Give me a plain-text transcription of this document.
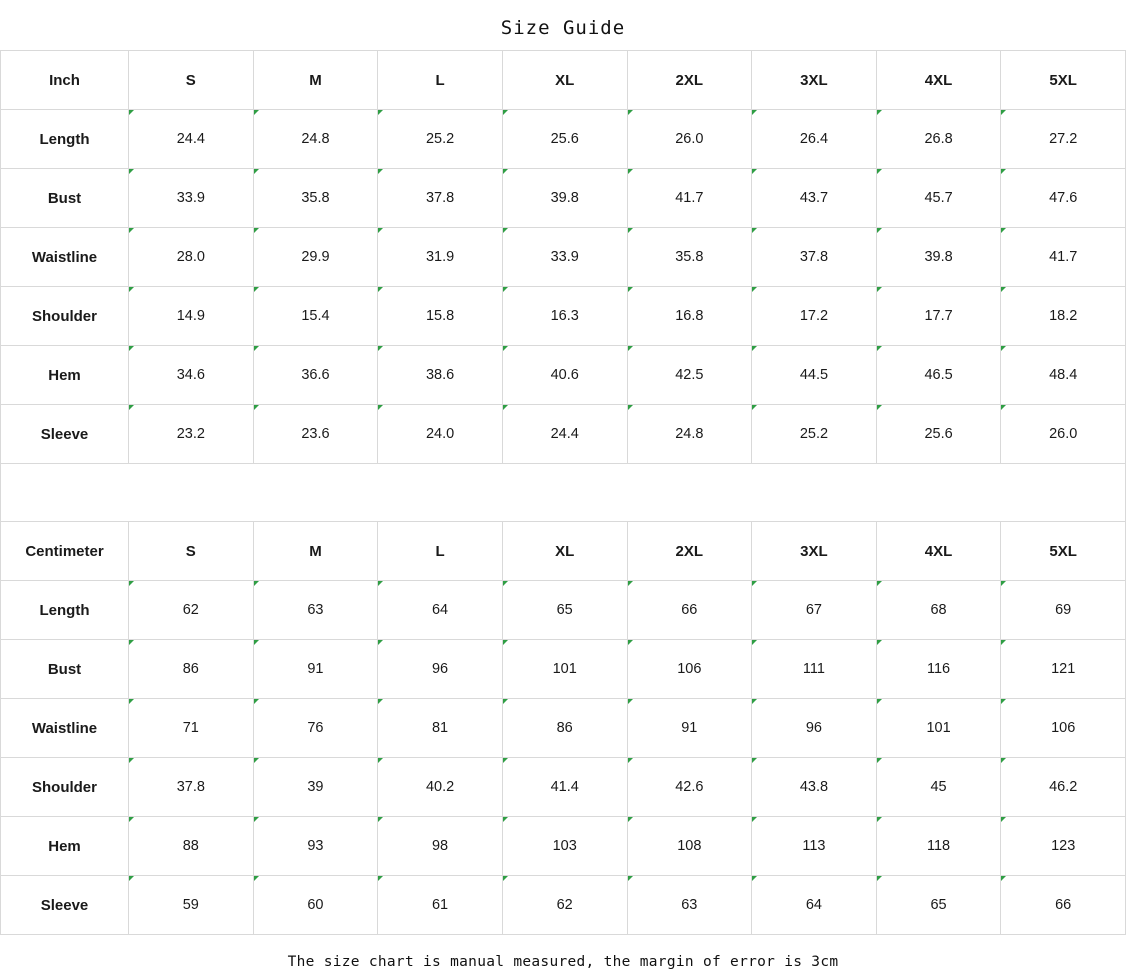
Size Guide
Inch	S	M	L	XL	2XL	3XL	4XL	5XL
Length	24.4	24.8	25.2	25.6	26.0	26.4	26.8	27.2
Bust	33.9	35.8	37.8	39.8	41.7	43.7	45.7	47.6
Waistline	28.0	29.9	31.9	33.9	35.8	37.8	39.8	41.7
Shoulder	14.9	15.4	15.8	16.3	16.8	17.2	17.7	18.2
Hem	34.6	36.6	38.6	40.6	42.5	44.5	46.5	48.4
Sleeve	23.2	23.6	24.0	24.4	24.8	25.2	25.6	26.0
Centimeter	S	M	L	XL	2XL	3XL	4XL	5XL
Length	62	63	64	65	66	67	68	69
Bust	86	91	96	101	106	111	116	121
Waistline	71	76	81	86	91	96	101	106
Shoulder	37.8	39	40.2	41.4	42.6	43.8	45	46.2
Hem	88	93	98	103	108	113	118	123
Sleeve	59	60	61	62	63	64	65	66
The size chart is manual measured, the margin of error is 3cm
